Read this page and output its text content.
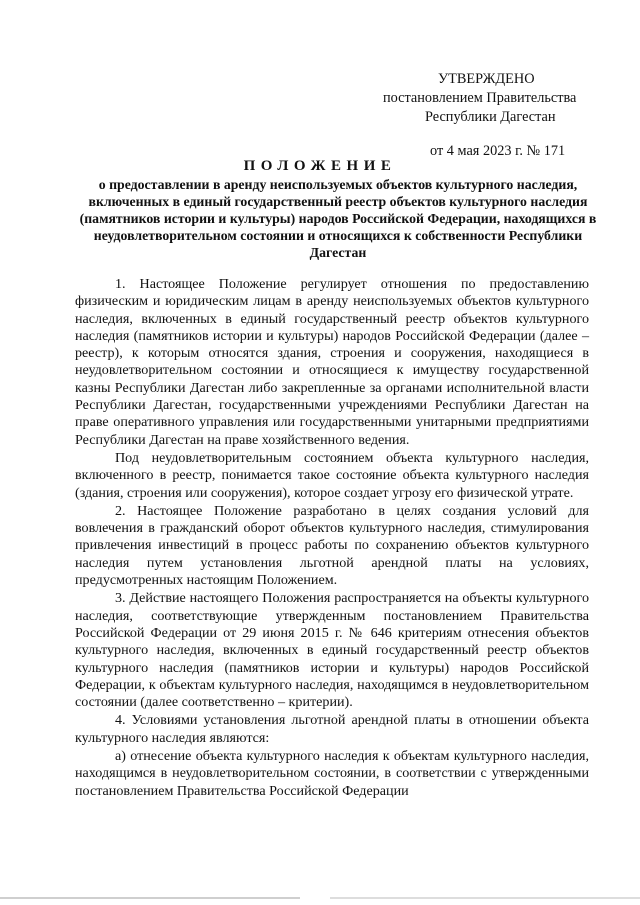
УТВЕРЖДЕНО
постановлением Правительства
Республики Дагестан
от 4 мая 2023 г. № 171
ПОЛОЖЕНИЕ
о предоставлении в аренду неиспользуемых объектов культурного наследия, включенных в единый государственный реестр объектов культурного наследия (памятников истории и культуры) народов Российской Федерации, находящихся в неудовлетворительном состоянии и относящихся к собственности Республики Дагестан

1. Настоящее Положение регулирует отношения по предоставлению физическим и юридическим лицам в аренду неиспользуемых объектов культурного наследия, включенных в единый государственный реестр объектов культурного наследия (памятников истории и культуры) народов Российской Федерации (далее – реестр), к которым относятся здания, строения и сооружения, находящиеся в неудовлетворительном состоянии и относящиеся к имуществу государственной казны Республики Дагестан либо закрепленные за органами исполнительной власти Республики Дагестан, государственными учреждениями Республики Дагестан на праве оперативного управления или государственными унитарными предприятиями Республики Дагестан на праве хозяйственного ведения.

Под неудовлетворительным состоянием объекта культурного наследия, включенного в реестр, понимается такое состояние объекта культурного наследия (здания, строения или сооружения), которое создает угрозу его физической утрате.

2. Настоящее Положение разработано в целях создания условий для вовлечения в гражданский оборот объектов культурного наследия, стимулирования привлечения инвестиций в процесс работы по сохранению объектов культурного наследия путем установления льготной арендной платы на условиях, предусмотренных настоящим Положением.

3. Действие настоящего Положения распространяется на объекты культурного наследия, соответствующие утвержденным постановлением Правительства Российской Федерации от 29 июня 2015 г. № 646 критериям отнесения объектов культурного наследия, включенных в единый государственный реестр объектов культурного наследия (памятников истории и культуры) народов Российской Федерации, к объектам культурного наследия, находящимся в неудовлетворительном состоянии (далее соответственно – критерии).

4. Условиями установления льготной арендной платы в отношении объекта культурного наследия являются:

а) отнесение объекта культурного наследия к объектам культурного наследия, находящимся в неудовлетворительном состоянии, в соответствии с утвержденными постановлением Правительства Российской Федерации
